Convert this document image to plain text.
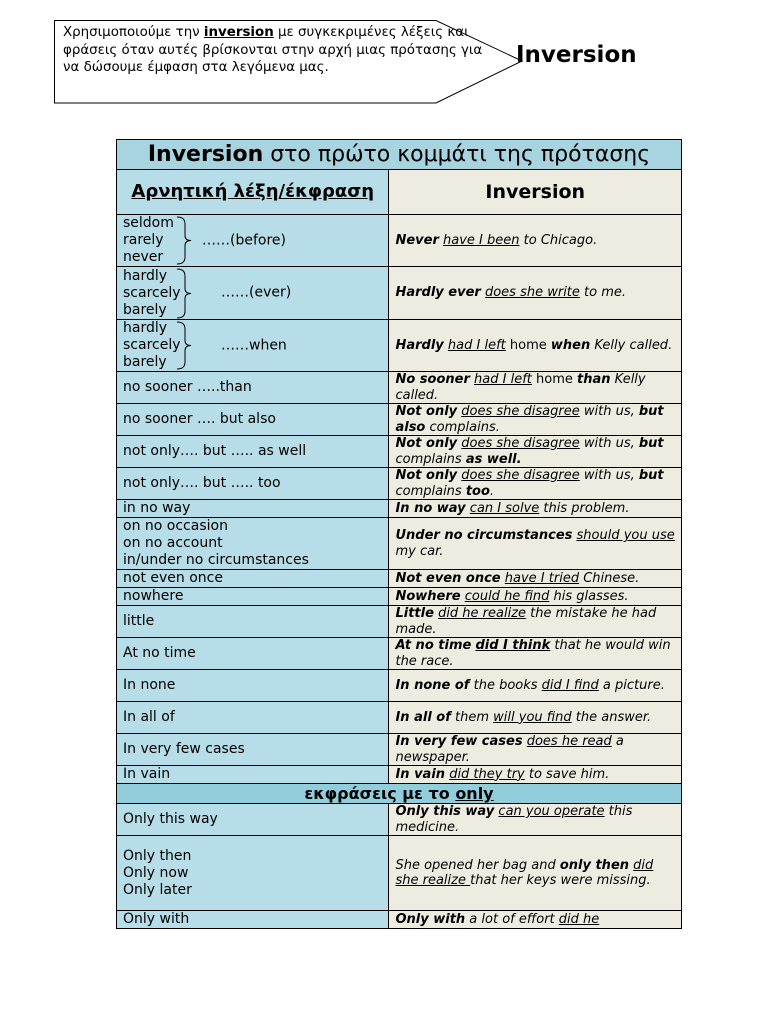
Χρησιμοποιούμε την inversion με συγκεκριμένες λέξεις και φράσεις όταν αυτές βρίσκονται στην αρχή μιας πρότασης για να δώσουμε έμφαση στα λεγόμενα μας.	Inversion
Inversion στο πρώτο κομμάτι της πρότασης	
Αρνητική λέξη/έκφραση	Inversion

seldom
rarely
never
……(before)	Never have I been to Chicago.

hardly
scarcely
barely
……(ever)	Hardly ever does she write to me.

hardly
scarcely
barely
……when	Hardly had I left home when Kelly called.
no sooner …..than	No sooner had I left home than Kelly called.
no sooner …. but also	Not only does she disagree with us, but also complains.
not only…. but ….. as well	Not only does she disagree with us, but complains as well.
not only…. but ….. too	Not only does she disagree with us, but complains too.
in no way	In no way can I solve this problem.
on no occasion
on no account
in/under no circumstances	Under no circumstances should you use my car.
not even once	Not even once have I tried Chinese.
nowhere	Nowhere could he find his glasses.
little	Little did he realize the mistake he had made.
At no time	At no time did I think that he would win the race.
In none	In none of the books did I find a picture.
In all of	In all of them will you find the answer.
In very few cases	In very few cases does he read a newspaper.
In vain	In vain did they try to save him.
εκφράσεις με το only	
Only this way	Only this way can you operate this medicine.
Only then
Only now
Only later	She opened her bag and only then did she realize that her keys were missing.
Only with	Only with a lot of effort did he
